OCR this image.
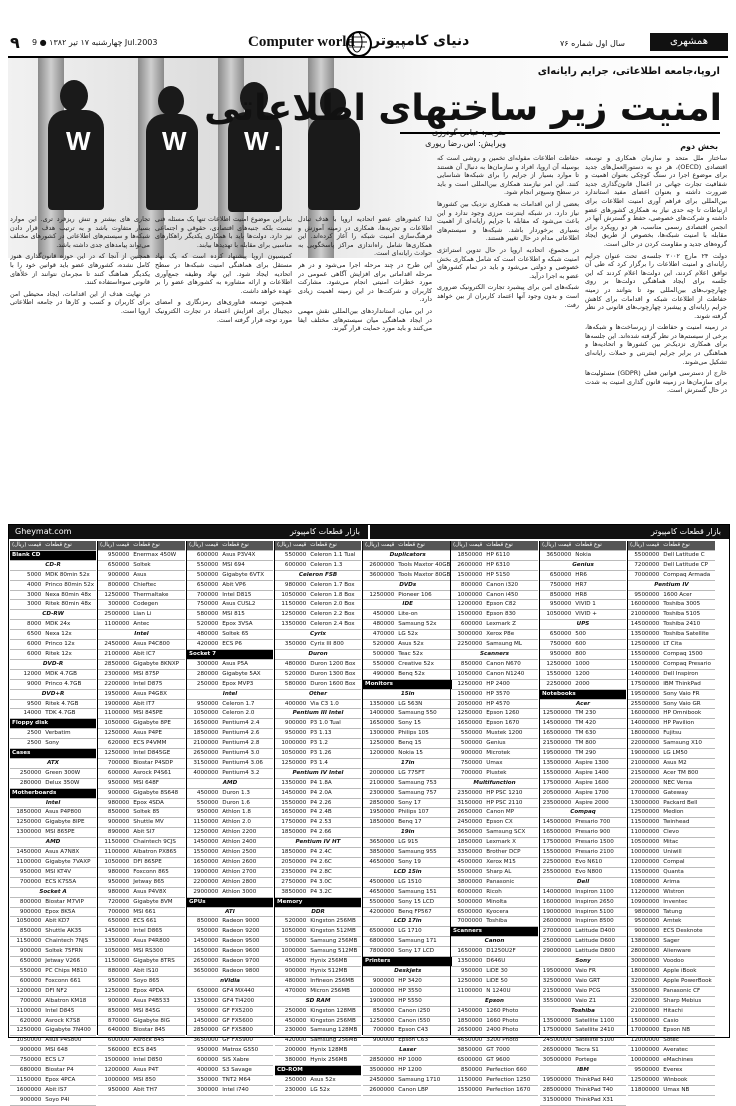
۹ چهارشنبه ۱۷ تیر ۱۳۸۲ ● 9 Jul.2003	Computer world دنیای کامپیوتر	سال اول شماره ۷۶	همشهری
W	W W .
اروپا،جامعه اطلاعاتی، جرایم رایانه‌ای
امنیت زیر ساختهای اطلاعاتی
مترجم: عباس گودرزی
ویرایش: اس.رضا ریوری	بخش دوم

ساختار ملل متحد و سازمان همکاری و توسعه اقتصادی (OECD)، هر دو به دستورالعمل‌های جدید برای موضوع اجرا در سنگ کوچکی بعنوان اهمیت و شفافیت تجارت جهانی در اعمال قانون‌گذاری جدید ضرورت داشته و بعنوان اعضای مفید استاندارد بین‌المللی برای فراهم آوری امنیت اطلاعات برای ارتباطات تا چه حدی نیاز به همکاری کشورهای عضو داشته و شرکت‌های خصوصی، حفظ و گسترش آنها در انجمن اقتصادی رسمی مناسب، هر دو رویکرد برای مقابله با امنیت شبکه‌ها، بخصوص از طریق ایجاد گروه‌های جدید و مقاومت کردن در حالی است.

دولت ۲۴ مارچ ۲۰۰۲ جلسه‌ی تحت عنوان جرایم رایانه‌ای و امنیت اطلاعات را برگزار کرد که طی آن توافق اعلام کردند، این دولت‌ها اعلام کردند که این جلسه برای ایجاد هماهنگی دولت‌ها بر روی چهارچوب‌های بین‌المللی بود تا بتوانند در زمینه حفاظت از اطلاعات شبکه و اقدامات برای کاهش جرایم رایانه‌ای و پیشبرد چهارچوب‌های قانونی در نظر گرفته شوند.

در زمینه امنیت و حفاظت از زیرساخت‌ها و شبکه‌ها، برخی از سیستم‌ها در نظر گرفته شده‌اند. این جلسه‌ها برای همکاری نزدیک‌تر بین کشورها و اتحادیه‌ها و هماهنگی در برابر جرایم اینترنتی و حملات رایانه‌ای تشکیل می‌شوند.

خارج از دسترسی قوانین فعلی (GDPR) مسئولیت‌ها برای سازمان‌ها در زمینه قانون گذاری امنیت به شدت در حال گسترش است.

حفاظت اطلاعات مقوله‌ای تخمین و روشی است که بوسیله آن اروپا، افراد و سازمان‌ها به دنبال آن هستند تا موارد بسیار از جرایم را برای شبکه‌ها شناسایی کنند. این امر نیازمند همکاری بین‌المللی است و باید در سطح وسیع‌تر انجام شود.

بعضی از این اقدامات به همکاری نزدیک بین کشورها نیاز دارد. در شبکه اینترنت مرزی وجود ندارد و این باعث می‌شود که مقابله با جرایم رایانه‌ای از اهمیت بسیاری برخوردار باشد. شبکه‌ها و سیستم‌های اطلاعاتی مدام در حال تغییر هستند.

در مجموع، اتحادیه اروپا در حال تدوین استراتژی امنیت شبکه و اطلاعات است که شامل همکاری بخش خصوصی و دولتی می‌شود و باید در تمام کشورهای عضو به اجرا درآید.

شبکه‌های امن برای پیشبرد تجارت الکترونیک ضروری است و بدون وجود آنها اعتماد کاربران از بین خواهد رفت.

لذا کشورهای عضو اتحادیه اروپا با هدف تبادل اطلاعات و تجربه‌ها، همکاری در زمینه آموزش و فرهنگ‌سازی امنیت شبکه را آغاز کرده‌اند. این همکاری‌ها شامل راه‌اندازی مراکز پاسخگویی به حوادث رایانه‌ای است.

این طرح در چند مرحله اجرا می‌شود و در هر مرحله اقداماتی برای افزایش آگاهی عمومی در مورد خطرات امنیتی انجام می‌شود. مشارکت کاربران و شرکت‌ها در این زمینه اهمیت زیادی دارد.

در این میان، استانداردهای بین‌المللی نقش مهمی در ایجاد هماهنگی میان سیستم‌های مختلف ایفا می‌کنند و باید مورد حمایت قرار گیرند.

بنابراین موضوع امنیت اطلاعات تنها یک مسئله فنی نیست بلکه جنبه‌های اقتصادی، حقوقی و اجتماعی نیز دارد. دولت‌ها باید با همکاری یکدیگر راهکارهای مناسبی برای مقابله با تهدیدها بیابند.

کمیسیون اروپا پیشنهاد کرده است که یک نهاد مستقل برای هماهنگی امنیت شبکه‌ها در سطح اتحادیه ایجاد شود. این نهاد وظیفه جمع‌آوری اطلاعات و ارائه مشاوره به کشورهای عضو را بر عهده خواهد داشت.

همچنین توسعه فناوری‌های رمزنگاری و امضای دیجیتال برای افزایش اعتماد در تجارت الکترونیک مورد توجه قرار گرفته است.

تجاری های بیشتر و تنش ریزفرد تری. این موارد بسیار متفاوت باشد و به ترتیب هدف قرار دادن شبکه‌ها و سیستم‌های اطلاعاتی در کشورهای مختلف می‌تواند پیامدهای جدی داشته باشد.

همچنین از آنجا که در این حوزه قانون‌گذاری هنوز کامل نشده، کشورهای عضو باید قوانین خود را با یکدیگر هماهنگ کنند تا مجرمان نتوانند از خلأهای قانونی سوءاستفاده کنند.

در نهایت هدف از این اقدامات، ایجاد محیطی امن برای کاربران و کسب و کارها در جامعه اطلاعاتی اروپا است.

Gheymat.com	بازار قطعات کامپیوتر	بازار قطعات کامپیوتر
قیمت (ریال)	نوع قطعات
Blank CD	
CD-R	
5000	MDK 80min 52x
4000	Princo 80min 52x
3000	Nexa 80min 48x
3000	Ritek 80min 48x
CD-RW	
8000	MDK 24x
6500	Nexa 12x
6000	Princo 12x
6000	Ritek 12x
DVD-R	
12000	MDK 4.7GB
9000	Princo 4.7GB
DVD+R	
9500	Ritek 4.7GB
14000	TDK 4.7GB
Floppy disk	
2500	Verbatim
2500	Sony
Cases	
ATX	
250000	Green 300W
280000	Delux 350W
Motherboards	
Intel	
1850000	Asus P4P800
1250000	Gigabyte 8IPE
1300000	MSI 865PE
AMD	
1450000	Asus A7N8X
1100000	Gigabyte 7VAXP
950000	MSI KT4V
700000	ECS K7S5A
Socket A	
800000	Biostar M7VIP
900000	Epox 8K5A
1050000	Abit KD7
850000	Shuttle AK35
1150000	Chaintech 7NJS
900000	Soltek 75FRN
650000	Jetway V266
550000	PC Chips M810
600000	Foxconn 661
1200000	DFI NF2
700000	Albatron KM18
1100000	Intel D845
620000	Asrock K7S8
1250000	Gigabyte 7N400
1050000	Asus P4S800
900000	MSI 648
750000	ECS L7
680000	Biostar P4
1150000	Epox 4PCA
1600000	Abit IS7
900000	Soyo P4I
قیمت (ریال)	نوع قطعات
950000	Enermax 450W
650000	Soltek
900000	Asus
800000	Chieftec
1250000	Thermaltake
300000	Codegen
2500000	Lian Li
1100000	Antec
Intel	
2450000	Asus P4C800
2100000	Abit IC7
2850000	Gigabyte 8KNXP
2300000	MSI 875P
2200000	Intel D875
1950000	Asus P4G8X
1900000	Abit IT7
1100000	MSI 845PE
1050000	Gigabyte 8PE
1250000	Asus P4PE
620000	ECS P4VMM
1250000	Intel D845GE
700000	Biostar P4SDP
600000	Asrock P4S61
950000	MSI 648F
900000	Gigabyte 8S648
980000	Epox 4SDA
850000	Soltek 85
900000	Shuttle MV
890000	Abit SI7
1150000	Chaintech 9CJS
1100000	Albatron PX865
1050000	DFI 865PE
980000	Foxconn 865
950000	Jetway 865
980000	Asus P4V8X
720000	Gigabyte 8VM
700000	MSI 661
650000	ECS 661
1450000	Intel D865
1350000	Asus P4R800
1050000	MSI RS300
1150000	Gigabyte 8TRS
880000	Abit IS10
950000	Soyo 865
1250000	Epox 4PDA
900000	Asus P4B533
850000	MSI 845G
870000	Gigabyte 8IG
640000	Biostar 845
600000	Asrock 845
560000	ECS 845
1500000	Intel D850
1200000	Asus P4T
1000000	MSI 850
950000	Abit TH7
قیمت (ریال)	نوع قطعات
600000	Asus P3V4X
550000	MSI 694
500000	Gigabyte 6VTX
650000	Abit VP6
700000	Intel D815
750000	Asus CUSL2
580000	MSI 815
520000	Epox 3VSA
480000	Soltek 65
420000	ECS P6
Socket 7	
300000	Asus P5A
280000	Gigabyte 5AX
250000	Epox MVP3
Intel	
950000	Celeron 1.7
1050000	Celeron 2.0
1650000	Pentium4 2.4
1850000	Pentium4 2.6
2100000	Pentium4 2.8
2650000	Pentium4 3.0
3150000	Pentium4 3.06
4000000	Pentium4 3.2
AMD	
450000	Duron 1.3
550000	Duron 1.6
950000	Athlon 1.8
1150000	Athlon 2.0
1250000	Athlon 2200
1450000	Athlon 2400
1550000	Athlon 2500
1650000	Athlon 2600
1900000	Athlon 2700
2200000	Athlon 2800
2900000	Athlon 3000
GPUs	
ATI	
850000	Radeon 9000
950000	Radeon 9200
1450000	Radeon 9500
1650000	Radeon 9600
2650000	Radeon 9700
3650000	Radeon 9800
nVidia	
650000	GF4 MX440
1350000	GF4 Ti4200
950000	GF FX5200
1450000	GF FX5600
2850000	GF FX5800
3650000	GF FX5900
950000	Matrox G550
600000	SiS Xabre
400000	S3 Savage
350000	TNT2 M64
300000	Intel i740
قیمت (ریال)	نوع قطعات
550000	Celeron 1.1 Tual
600000	Celeron 1.3
Celeron FSB	
980000	Celeron 1.7 Box
1050000	Celeron 1.8 Box
1150000	Celeron 2.0 Box
1250000	Celeron 2.2 Box
1350000	Celeron 2.4 Box
Cyrix	
350000	Cyrix III 800
Duron	
480000	Duron 1200 Box
520000	Duron 1300 Box
580000	Duron 1600 Box
Other	
400000	Via C3 1.0
Pentium III Intel	
900000	P3 1.0 Tual
950000	P3 1.13
1000000	P3 1.2
1050000	P3 1.26
1250000	P3 1.4
Pentium IV Intel	
1350000	P4 1.8A
1450000	P4 2.0A
1550000	P4 2.26
1650000	P4 2.4B
1750000	P4 2.53
1850000	P4 2.66
Pentium IV HT	
1850000	P4 2.4C
2050000	P4 2.6C
2350000	P4 2.8C
2750000	P4 3.0C
3850000	P4 3.2C
Memory	
DDR	
520000	Kingston 256MB
1050000	Kingston 512MB
500000	Samsung 256MB
1000000	Samsung 512MB
450000	Hynix 256MB
900000	Hynix 512MB
480000	Infineon 256MB
470000	Micron 256MB
SD RAM	
250000	Kingston 128MB
450000	Kingston 256MB
230000	Samsung 128MB
420000	Samsung 256MB
200000	Hynix 128MB
380000	Hynix 256MB
CD-ROM	
250000	Asus 52x
230000	LG 52x
قیمت (ریال)	نوع قطعات
Duplicators	
2600000	Tools Maxtor 40GB
3600000	Tools Maxtor 80GB
DVDs	
1250000	Pioneer 106
IDE	
450000	Lite-on
480000	Samsung 52x
470000	LG 52x
520000	Asus 52x
500000	Teac 52x
550000	Creative 52x
490000	Benq 52x
Monitors	
15in	
1350000	LG 563N
1400000	Samsung 550
1650000	Sony 15
1300000	Philips 105
1250000	Benq 15
1200000	Nokia 15
17in	
2000000	LG 775FT
2100000	Samsung 753
2300000	Samsung 757
2850000	Sony 17
1950000	Philips 107
1850000	Benq 17
19in	
3650000	LG 915
3850000	Samsung 955
4650000	Sony 19
LCD 15in	
4500000	LG 1510
4650000	Samsung 151
5500000	Sony 15 LCD
4200000	Benq FP567
LCD 17in	
6500000	LG 1710
6800000	Samsung 171
7800000	Sony 17 LCD
Printers	
Deskjets	
900000	HP 3420
1000000	HP 3550
1900000	HP 5550
850000	Canon i250
1250000	Canon i550
700000	Epson C43
900000	Epson C63
Laser	
2850000	HP 1000
3500000	HP 1200
2450000	Samsung 1710
2600000	Canon LBP
قیمت (ریال)	نوع قطعات
1850000	HP 6110
2600000	HP 6310
1500000	HP 5150
800000	Canon i320
1000000	Canon i450
1200000	Epson C82
1500000	Epson 830
600000	Lexmark Z
3000000	Xerox P8e
2250000	Samsung ML
Scanners	
850000	Canon N670
1050000	Canon N1240
1250000	HP 2400
1500000	HP 3570
2050000	HP 4570
1250000	Epson 1260
1650000	Epson 1670
550000	Mustek 1200
500000	Genius
900000	Microtek
750000	Umax
700000	Plustek
Multifunction	
2350000	HP PSC 1210
3150000	HP PSC 2110
2650000	Canon MP
2450000	Epson CX
3650000	Samsung SCX
1850000	Lexmark X
3350000	Brother DCP
4500000	Xerox M15
5500000	Sharp AL
3800000	Panasonic
6000000	Ricoh
5000000	Minolta
6500000	Kyocera
7000000	Toshiba
Scanners	
Canon	
1650000	D1250U2F
1350000	D646U
950000	LiDE 30
1250000	LiDE 50
1100000	N 1240U
Epson	
1450000	1260 Photo
1850000	1660 Photo
2650000	2400 Photo
4650000	3200 Photo
3850000	GT 7000
6500000	GT 9600
850000	Perfection 660
1150000	Perfection 1250
1550000	Perfection 1670
قیمت (ریال)	نوع قطعات
3650000	Nokia
Genius	
650000	HR6
750000	HR7
850000	HR8
950000	VIVID 1
1050000	VIVID +
UPS	
650000	500
750000	600
950000	800
1250000	1000
1550000	1200
2250000	2000
Notebooks	
Acer	
12500000	TM 230
14500000	TM 420
16500000	TM 630
21500000	TM 800
19500000	TM 290
13500000	Aspire 1300
15500000	Aspire 1400
17500000	Aspire 1600
20500000	Aspire 1700
23500000	Aspire 2000
Compaq	
14500000	Presario 700
16500000	Presario 900
17500000	Presario 1500
15500000	Presario 2100
22500000	Evo N610
25500000	Evo N800
Dell	
14000000	Inspiron 1100
16000000	Inspiron 2650
19000000	Inspiron 5100
26000000	Inspiron 8500
27000000	Latitude D400
25000000	Latitude D600
29000000	Latitude D800
Sony	
19500000	Vaio FR
32500000	Vaio GRT
21500000	Vaio PCG
35500000	Vaio Z1
Toshiba	
13500000	Satellite 1100
17500000	Satellite 2410
24500000	Satellite 5100
26500000	Tecra S1
30500000	Portege
IBM	
19500000	ThinkPad R40
28500000	ThinkPad T40
31500000	ThinkPad X31
قیمت (ریال)	نوع قطعات
5500000	Dell Latitude C
7200000	Dell Latitude CP
7000000	Compaq Armada
Pentium IV	
9500000	1600 Acer
16000000	Toshiba 3005
21000000	Toshiba 5105
14500000	Toshiba 2410
13500000	Toshiba Satellite
12500000	LT Cita
15500000	Compaq 1500
15000000	Compaq Presario
14000000	Dell Inspiron
17500000	IBM ThinkPad
19500000	Sony Vaio FR
25500000	Sony Vaio GR
16000000	HP Omnibook
14000000	HP Pavilion
18000000	Fujitsu
22000000	Samsung X10
19000000	LG LM50
21000000	Asus M2
21500000	Acer TM 800
20000000	NEC Versa
17000000	Gateway
13000000	Packard Bell
12500000	Medion
11500000	Twinhead
11000000	Clevo
10500000	Mitac
10000000	Uniwill
12000000	Compal
11500000	Quanta
10800000	Arima
11200000	Wistron
10900000	Inventec
9800000	Tatung
9500000	Amtek
9000000	ECS Desknote
13800000	Sager
28000000	Alienware
30000000	Voodoo
18000000	Apple iBook
32000000	Apple PowerBook
35000000	Panasonic CF
22000000	Sharp Mebius
21000000	Hitachi
15000000	Casio
17000000	Epson NB
12000000	Sotec
11000000	Averatec
10000000	eMachines
9500000	Everex
12500000	Winbook
11800000	Umax NB
